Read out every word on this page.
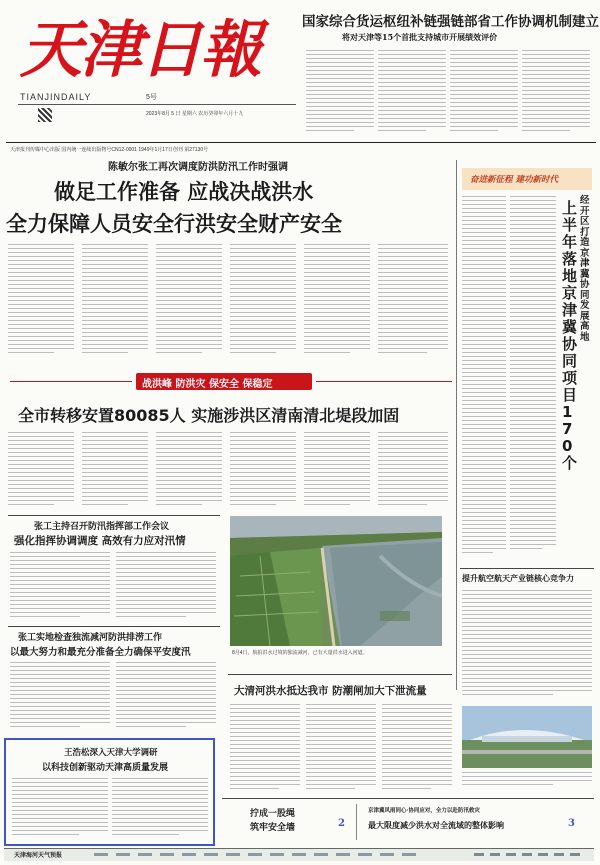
天津日報
TIANJINDAILY	5号
2023年8月 5 日 星期六 农历癸卯年六月十九
天津报刊传媒中心出版 国内统一连续出版物号CN12-0001 1949年1月17日创刊 第27130号
国家综合货运枢纽补链强链部省工作协调机制建立
将对天津等15个首批支持城市开展绩效评价
陈敏尔张工再次调度防洪防汛工作时强调
做足工作准备 应战决战洪水
全力保障人员安全行洪安全财产安全
战洪峰 防洪灾 保安全 保稳定
全市转移安置80085人 实施涉洪区清南清北堤段加固
张工主持召开防汛指挥部工作会议
强化指挥协调调度 高效有力应对汛情
张工实地检查独流减河防洪排涝工作
以最大努力和最充分准备全力确保平安度汛
王浩松深入天津大学调研
以科技创新驱动天津高质量发展
8月4日，航拍洪水过境的独流减河，已有大量洪水进入河道。
大清河洪水抵达我市 防潮闸加大下泄流量
奋进新征程 建功新时代
经开区打造京津冀协同发展高地
上半年落地京津冀协同项目170个
提升航空航天产业链核心竞争力
拧成一股绳
筑牢安全墙	2
京津冀风雨同心·协同应对，全力以赴防汛救灾
最大限度减少洪水对全流域的整体影响	3
天津海河天气预报
